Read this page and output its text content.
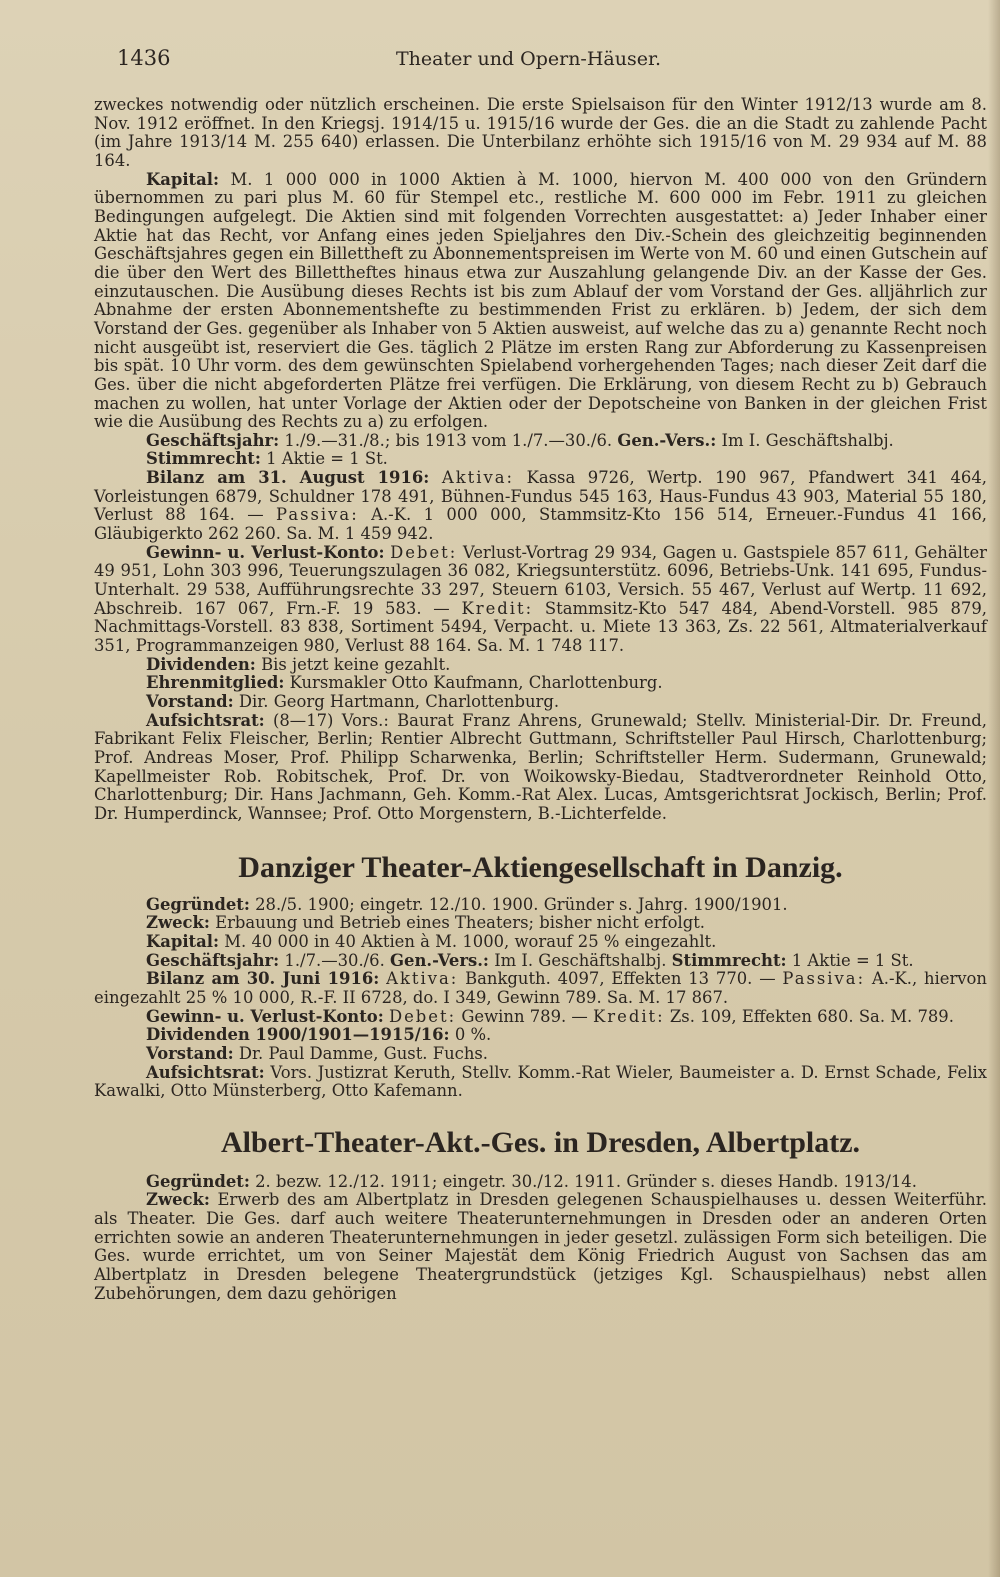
1436	Theater und Opern-Häuser.

zweckes notwendig oder nützlich erscheinen. Die erste Spielsaison für den Winter 1912/13 wurde am 8. Nov. 1912 eröffnet. In den Kriegsj. 1914/15 u. 1915/16 wurde der Ges. die an die Stadt zu zahlende Pacht (im Jahre 1913/14 M. 255 640) erlassen. Die Unterbilanz erhöhte sich 1915/16 von M. 29 934 auf M. 88 164.

Kapital: M. 1 000 000 in 1000 Aktien à M. 1000, hiervon M. 400 000 von den Gründern übernommen zu pari plus M. 60 für Stempel etc., restliche M. 600 000 im Febr. 1911 zu gleichen Bedingungen aufgelegt. Die Aktien sind mit folgenden Vorrechten ausgestattet: a) Jeder Inhaber einer Aktie hat das Recht, vor Anfang eines jeden Spieljahres den Div.-Schein des gleichzeitig beginnenden Geschäftsjahres gegen ein Billettheft zu Abonnementspreisen im Werte von M. 60 und einen Gutschein auf die über den Wert des Billettheftes hinaus etwa zur Auszahlung gelangende Div. an der Kasse der Ges. einzutauschen. Die Ausübung dieses Rechts ist bis zum Ablauf der vom Vorstand der Ges. alljährlich zur Abnahme der ersten Abonnementshefte zu bestimmenden Frist zu erklären. b) Jedem, der sich dem Vorstand der Ges. gegenüber als Inhaber von 5 Aktien ausweist, auf welche das zu a) genannte Recht noch nicht ausgeübt ist, reserviert die Ges. täglich 2 Plätze im ersten Rang zur Abforderung zu Kassenpreisen bis spät. 10 Uhr vorm. des dem gewünschten Spielabend vorhergehenden Tages; nach dieser Zeit darf die Ges. über die nicht abgeforderten Plätze frei verfügen. Die Erklärung, von diesem Recht zu b) Gebrauch machen zu wollen, hat unter Vorlage der Aktien oder der Depotscheine von Banken in der gleichen Frist wie die Ausübung des Rechts zu a) zu erfolgen.

Geschäftsjahr: 1./9.—31./8.; bis 1913 vom 1./7.—30./6. Gen.-Vers.: Im I. Geschäftshalbj.

Stimmrecht: 1 Aktie = 1 St.

Bilanz am 31. August 1916: Aktiva: Kassa 9726, Wertp. 190 967, Pfandwert 341 464, Vorleistungen 6879, Schuldner 178 491, Bühnen-Fundus 545 163, Haus-Fundus 43 903, Material 55 180, Verlust 88 164. — Passiva: A.-K. 1 000 000, Stammsitz-Kto 156 514, Erneuer.-Fundus 41 166, Gläubigerkto 262 260. Sa. M. 1 459 942.

Gewinn- u. Verlust-Konto: Debet: Verlust-Vortrag 29 934, Gagen u. Gastspiele 857 611, Gehälter 49 951, Lohn 303 996, Teuerungszulagen 36 082, Kriegsunterstütz. 6096, Betriebs-Unk. 141 695, Fundus-Unterhalt. 29 538, Aufführungsrechte 33 297, Steuern 6103, Versich. 55 467, Verlust auf Wertp. 11 692, Abschreib. 167 067, Frn.-F. 19 583. — Kredit: Stammsitz-Kto 547 484, Abend-Vorstell. 985 879, Nachmittags-Vorstell. 83 838, Sortiment 5494, Verpacht. u. Miete 13 363, Zs. 22 561, Altmaterialverkauf 351, Programmanzeigen 980, Verlust 88 164. Sa. M. 1 748 117.

Dividenden: Bis jetzt keine gezahlt.

Ehrenmitglied: Kursmakler Otto Kaufmann, Charlottenburg.

Vorstand: Dir. Georg Hartmann, Charlottenburg.

Aufsichtsrat: (8—17) Vors.: Baurat Franz Ahrens, Grunewald; Stellv. Ministerial-Dir. Dr. Freund, Fabrikant Felix Fleischer, Berlin; Rentier Albrecht Guttmann, Schriftsteller Paul Hirsch, Charlottenburg; Prof. Andreas Moser, Prof. Philipp Scharwenka, Berlin; Schriftsteller Herm. Sudermann, Grunewald; Kapellmeister Rob. Robitschek, Prof. Dr. von Woikowsky-Biedau, Stadtverordneter Reinhold Otto, Charlottenburg; Dir. Hans Jachmann, Geh. Komm.-Rat Alex. Lucas, Amtsgerichtsrat Jockisch, Berlin; Prof. Dr. Humperdinck, Wannsee; Prof. Otto Morgenstern, B.-Lichterfelde.

Danziger Theater-Aktiengesellschaft in Danzig.

Gegründet: 28./5. 1900; eingetr. 12./10. 1900. Gründer s. Jahrg. 1900/1901.

Zweck: Erbauung und Betrieb eines Theaters; bisher nicht erfolgt.

Kapital: M. 40 000 in 40 Aktien à M. 1000, worauf 25 % eingezahlt.

Geschäftsjahr: 1./7.—30./6. Gen.-Vers.: Im I. Geschäftshalbj. Stimmrecht: 1 Aktie = 1 St.

Bilanz am 30. Juni 1916: Aktiva: Bankguth. 4097, Effekten 13 770. — Passiva: A.-K., hiervon eingezahlt 25 % 10 000, R.-F. II 6728, do. I 349, Gewinn 789. Sa. M. 17 867.

Gewinn- u. Verlust-Konto: Debet: Gewinn 789. — Kredit: Zs. 109, Effekten 680. Sa. M. 789.

Dividenden 1900/1901—1915/16: 0 %.

Vorstand: Dr. Paul Damme, Gust. Fuchs.

Aufsichtsrat: Vors. Justizrat Keruth, Stellv. Komm.-Rat Wieler, Baumeister a. D. Ernst Schade, Felix Kawalki, Otto Münsterberg, Otto Kafemann.

Albert-Theater-Akt.-Ges. in Dresden, Albertplatz.

Gegründet: 2. bezw. 12./12. 1911; eingetr. 30./12. 1911. Gründer s. dieses Handb. 1913/14.

Zweck: Erwerb des am Albertplatz in Dresden gelegenen Schauspielhauses u. dessen Weiterführ. als Theater. Die Ges. darf auch weitere Theaterunternehmungen in Dresden oder an anderen Orten errichten sowie an anderen Theaterunternehmungen in jeder gesetzl. zulässigen Form sich beteiligen. Die Ges. wurde errichtet, um von Seiner Majestät dem König Friedrich August von Sachsen das am Albertplatz in Dresden belegene Theatergrundstück (jetziges Kgl. Schauspielhaus) nebst allen Zubehörungen, dem dazu gehörigen
